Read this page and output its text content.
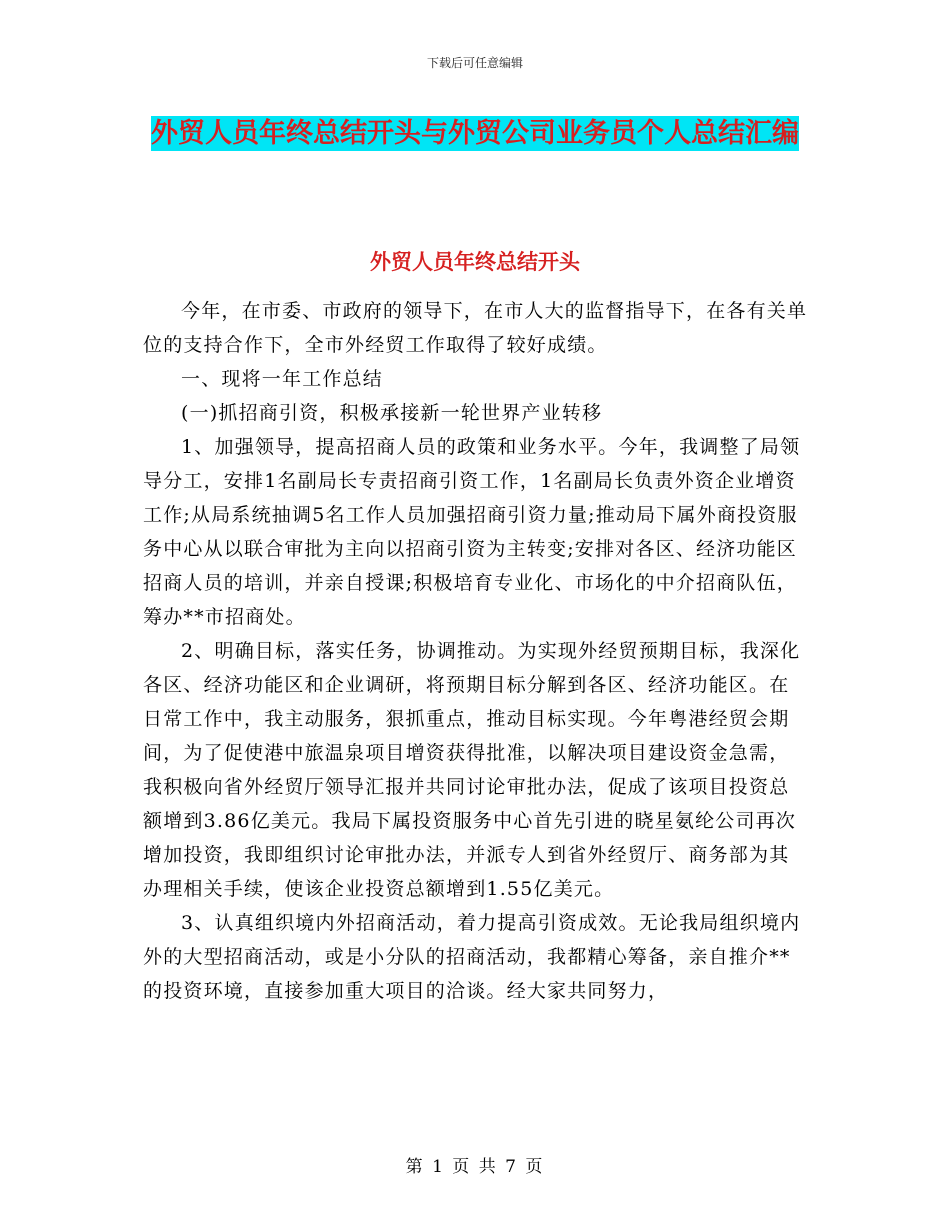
下载后可任意编辑
外贸人员年终总结开头与外贸公司业务员个人总结汇编
外贸人员年终总结开头

今年，在市委、市政府的领导下，在市人大的监督指导下，在各有关单位的支持合作下，全市外经贸工作取得了较好成绩。

一、现将一年工作总结

(一)抓招商引资，积极承接新一轮世界产业转移

1、加强领导，提高招商人员的政策和业务水平。今年，我调整了局领导分工，安排1名副局长专责招商引资工作，1名副局长负责外资企业增资工作;从局系统抽调5名工作人员加强招商引资力量;推动局下属外商投资服务中心从以联合审批为主向以招商引资为主转变;安排对各区、经济功能区招商人员的培训，并亲自授课;积极培育专业化、市场化的中介招商队伍，筹办**市招商处。

2、明确目标，落实任务，协调推动。为实现外经贸预期目标，我深化各区、经济功能区和企业调研，将预期目标分解到各区、经济功能区。在日常工作中，我主动服务，狠抓重点，推动目标实现。今年粤港经贸会期间，为了促使港中旅温泉项目增资获得批准，以解决项目建设资金急需，我积极向省外经贸厅领导汇报并共同讨论审批办法，促成了该项目投资总额增到3.86亿美元。我局下属投资服务中心首先引进的晓星氨纶公司再次增加投资，我即组织讨论审批办法，并派专人到省外经贸厅、商务部为其办理相关手续，使该企业投资总额增到1.55亿美元。

3、认真组织境内外招商活动，着力提高引资成效。无论我局组织境内外的大型招商活动，或是小分队的招商活动，我都精心筹备，亲自推介**的投资环境，直接参加重大项目的洽谈。经大家共同努力，

第 1 页 共 7 页
